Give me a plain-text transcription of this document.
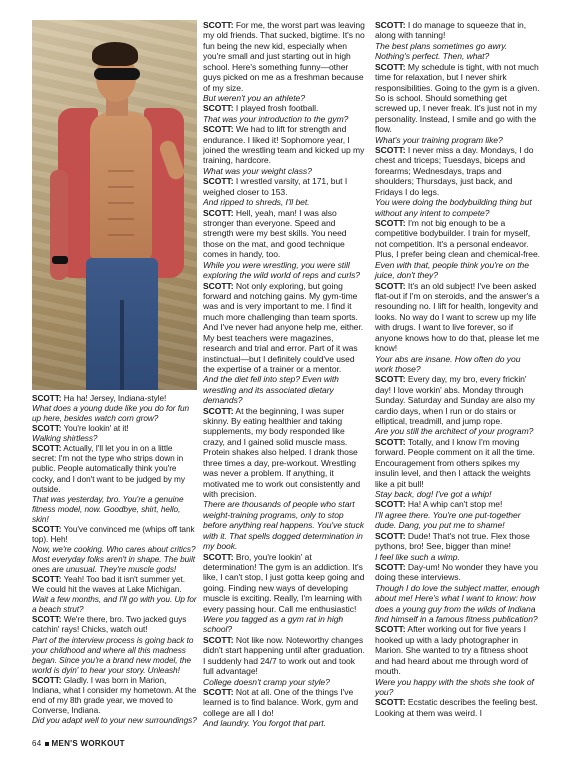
SCOTT: Ha ha! Jersey, Indiana-style!

What does a young dude like you do for fun up here, besides watch corn grow?

SCOTT: You're lookin' at it!

Walking shirtless?

SCOTT: Actually, I'll let you in on a little secret: I'm not the type who strips down in public. People automatically think you're cocky, and I don't want to be judged by my outside.

That was yesterday, bro. You're a genuine fitness model, now. Goodbye, shirt, hello, skin!

SCOTT: You've convinced me (whips off tank top). Heh!

Now, we're cooking. Who cares about critics? Most everyday folks aren't in shape. The built ones are unusual. They're muscle gods!

SCOTT: Yeah! Too bad it isn't summer yet. We could hit the waves at Lake Michigan.

Wait a few months, and I'll go with you. Up for a beach strut?

SCOTT: We're there, bro. Two jacked guys catchin' rays! Chicks, watch out!

Part of the interview process is going back to your childhood and where all this madness began. Since you're a brand new model, the world is dyin' to hear your story. Unleash!

SCOTT: Gladly. I was born in Marion, Indiana, what I consider my hometown. At the end of my 8th grade year, we moved to Converse, Indiana.

Did you adapt well to your new surroundings?

SCOTT: For me, the worst part was leaving my old friends. That sucked, bigtime. It's no fun being the new kid, especially when you're small and just starting out in high school. Here's something funny—other guys picked on me as a freshman because of my size.

But weren't you an athlete?

SCOTT: I played frosh football.

That was your introduction to the gym?

SCOTT: We had to lift for strength and endurance. I liked it! Sophomore year, I joined the wrestling team and kicked up my training, hardcore.

What was your weight class?

SCOTT: I wrestled varsity, at 171, but I weighed closer to 153.

And ripped to shreds, I'll bet.

SCOTT: Hell, yeah, man! I was also stronger than everyone. Speed and strength were my best skills. You need those on the mat, and good technique comes in handy, too.

While you were wrestling, you were still exploring the wild world of reps and curls?

SCOTT: Not only exploring, but going forward and notching gains. My gym-time was and is very important to me. I find it much more challenging than team sports. And I've never had anyone help me, either. My best teachers were magazines, research and trial and error. Part of it was instinctual—but I definitely could've used the expertise of a trainer or a mentor.

And the diet fell into step? Even with wrestling and its associated dietary demands?

SCOTT: At the beginning, I was super skinny. By eating healthier and taking supplements, my body responded like crazy, and I gained solid muscle mass. Protein shakes also helped. I drank those three times a day, pre-workout. Wrestling was never a problem. If anything, it motivated me to work out consistently and with precision.

There are thousands of people who start weight-training programs, only to stop before anything real happens. You've stuck with it. That spells dogged determination in my book.

SCOTT: Bro, you're lookin' at determination! The gym is an addiction. It's like, I can't stop, I just gotta keep going and going. Finding new ways of developing muscle is exciting. Really, I'm learning with every passing hour. Call me enthusiastic!

Were you tagged as a gym rat in high school?

SCOTT: Not like now. Noteworthy changes didn't start happening until after graduation. I suddenly had 24/7 to work out and took full advantage!

College doesn't cramp your style?

SCOTT: Not at all. One of the things I've learned is to find balance. Work, gym and college are all I do!

And laundry. You forgot that part.

SCOTT: I do manage to squeeze that in, along with tanning!

The best plans sometimes go awry. Nothing's perfect. Then, what?

SCOTT: My schedule is tight, with not much time for relaxation, but I never shirk responsibilities. Going to the gym is a given. So is school. Should something get screwed up, I never freak. It's just not in my personality. Instead, I smile and go with the flow.

What's your training program like?

SCOTT: I never miss a day. Mondays, I do chest and triceps; Tuesdays, biceps and forearms; Wednesdays, traps and shoulders; Thursdays, just back, and Fridays I do legs.

You were doing the bodybuilding thing but without any intent to compete?

SCOTT: I'm not big enough to be a competitive bodybuilder. I train for myself, not competition. It's a personal endeavor. Plus, I prefer being clean and chemical-free.

Even with that, people think you're on the juice, don't they?

SCOTT: It's an old subject! I've been asked flat-out if I'm on steroids, and the answer's a resounding no. I lift for health, longevity and looks. No way do I want to screw up my life with drugs. I want to live forever, so if anyone knows how to do that, please let me know!

Your abs are insane. How often do you work those?

SCOTT: Every day, my bro, every frickin' day! I love workin' abs. Monday through Sunday. Saturday and Sunday are also my cardio days, when I run or do stairs or elliptical, treadmill, and jump rope.

Are you still the architect of your program?

SCOTT: Totally, and I know I'm moving forward. People comment on it all the time. Encouragement from others spikes my insulin level, and then I attack the weights like a pit bull!

Stay back, dog! I've got a whip!

SCOTT: Ha! A whip can't stop me!

I'll agree there. You're one put-together dude. Dang, you put me to shame!

SCOTT: Dude! That's not true. Flex those pythons, bro! See, bigger than mine!

I feel like such a wimp.

SCOTT: Day-um! No wonder they have you doing these interviews.

Though I do love the subject matter, enough about me! Here's what I want to know: how does a young guy from the wilds of Indiana find himself in a famous fitness publication?

SCOTT: After working out for five years I hooked up with a lady photographer in Marion. She wanted to try a fitness shoot and had heard about me through word of mouth.

Were you happy with the shots she took of you?

SCOTT: Ecstatic describes the feeling best. Looking at them was weird. I

64 MEN'S WORKOUT
